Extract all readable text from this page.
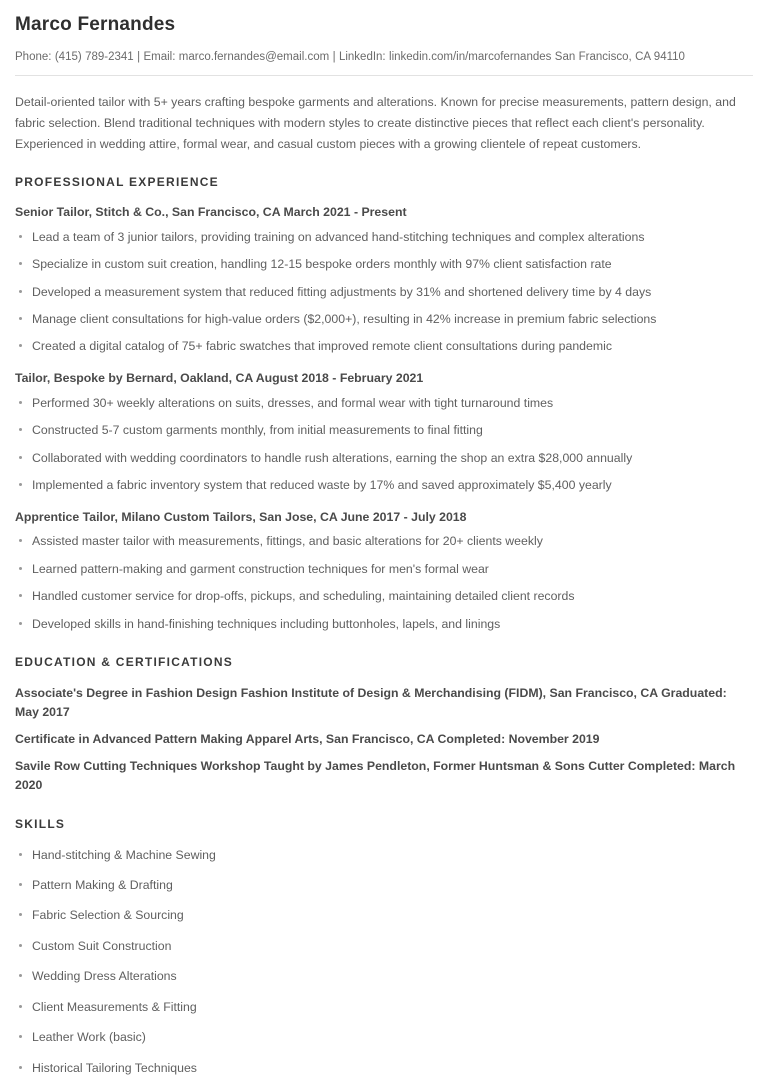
Marco Fernandes
Phone: (415) 789-2341 | Email: marco.fernandes@email.com | LinkedIn: linkedin.com/in/marcofernandes San Francisco, CA 94110

Detail-oriented tailor with 5+ years crafting bespoke garments and alterations. Known for precise measurements, pattern design, and fabric selection. Blend traditional techniques with modern styles to create distinctive pieces that reflect each client's personality. Experienced in wedding attire, formal wear, and casual custom pieces with a growing clientele of repeat customers.

PROFESSIONAL EXPERIENCE
Senior Tailor, Stitch & Co., San Francisco, CA March 2021 - Present
Lead a team of 3 junior tailors, providing training on advanced hand-stitching techniques and complex alterations
Specialize in custom suit creation, handling 12-15 bespoke orders monthly with 97% client satisfaction rate
Developed a measurement system that reduced fitting adjustments by 31% and shortened delivery time by 4 days
Manage client consultations for high-value orders ($2,000+), resulting in 42% increase in premium fabric selections
Created a digital catalog of 75+ fabric swatches that improved remote client consultations during pandemic
Tailor, Bespoke by Bernard, Oakland, CA August 2018 - February 2021
Performed 30+ weekly alterations on suits, dresses, and formal wear with tight turnaround times
Constructed 5-7 custom garments monthly, from initial measurements to final fitting
Collaborated with wedding coordinators to handle rush alterations, earning the shop an extra $28,000 annually
Implemented a fabric inventory system that reduced waste by 17% and saved approximately $5,400 yearly
Apprentice Tailor, Milano Custom Tailors, San Jose, CA June 2017 - July 2018
Assisted master tailor with measurements, fittings, and basic alterations for 20+ clients weekly
Learned pattern-making and garment construction techniques for men's formal wear
Handled customer service for drop-offs, pickups, and scheduling, maintaining detailed client records
Developed skills in hand-finishing techniques including buttonholes, lapels, and linings
EDUCATION & CERTIFICATIONS
Associate's Degree in Fashion Design Fashion Institute of Design & Merchandising (FIDM), San Francisco, CA Graduated: May 2017
Certificate in Advanced Pattern Making Apparel Arts, San Francisco, CA Completed: November 2019
Savile Row Cutting Techniques Workshop Taught by James Pendleton, Former Huntsman & Sons Cutter Completed: March 2020
SKILLS
Hand-stitching & Machine Sewing
Pattern Making & Drafting
Fabric Selection & Sourcing
Custom Suit Construction
Wedding Dress Alterations
Client Measurements & Fitting
Leather Work (basic)
Historical Tailoring Techniques
